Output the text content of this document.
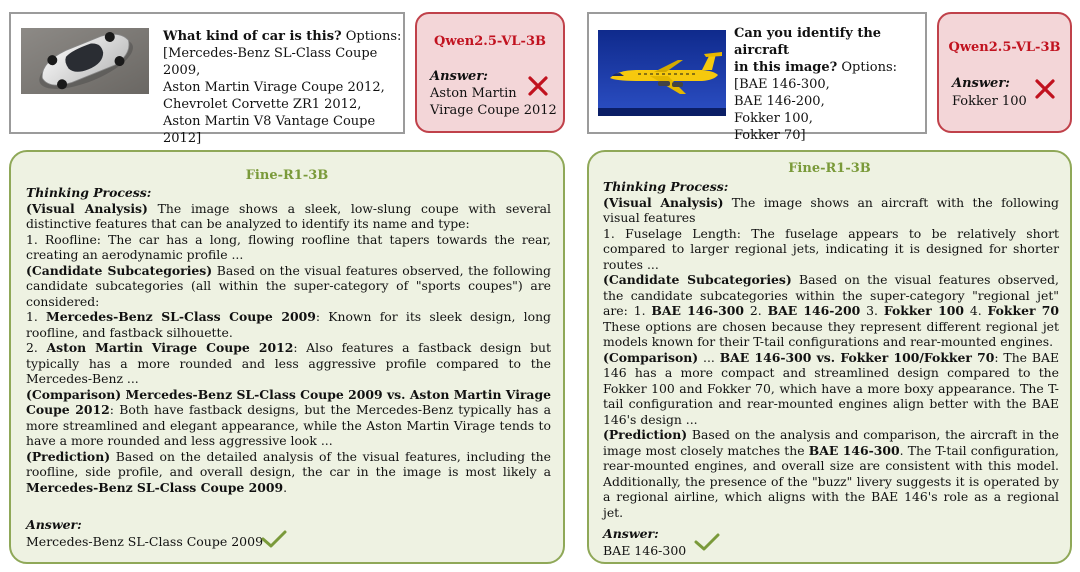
What kind of car is this? Options:
[Mercedes-Benz SL-Class Coupe 2009,
Aston Martin Virage Coupe 2012,
Chevrolet Corvette ZR1 2012,
Aston Martin V8 Vantage Coupe 2012]
Qwen2.5-VL-3B
Answer:
Aston Martin
Virage Coupe 2012
Fine-R1-3B

Thinking Process:

(Visual Analysis) The image shows a sleek, low-slung coupe with several distinctive features that can be analyzed to identify its name and type:

1. Roofline: The car has a long, flowing roofline that tapers towards the rear, creating an aerodynamic profile ...

(Candidate Subcategories) Based on the visual features observed, the following candidate subcategories (all within the super-category of "sports coupes") are considered:

1. Mercedes-Benz SL-Class Coupe 2009: Known for its sleek design, long roofline, and fastback silhouette.

2. Aston Martin Virage Coupe 2012: Also features a fastback design but typically has a more rounded and less aggressive profile compared to the Mercedes-Benz ...

(Comparison) Mercedes-Benz SL-Class Coupe 2009 vs. Aston Martin Virage Coupe 2012: Both have fastback designs, but the Mercedes-Benz typically has a more streamlined and elegant appearance, while the Aston Martin Virage tends to have a more rounded and less aggressive look ...

(Prediction) Based on the detailed analysis of the visual features, including the roofline, side profile, and overall design, the car in the image is most likely a Mercedes-Benz SL-Class Coupe 2009.

Answer:
Mercedes-Benz SL-Class Coupe 2009
Can you identify the aircraft
in this image? Options:
[BAE 146-300,
BAE 146-200,
Fokker 100,
Fokker 70]
Qwen2.5-VL-3B
Answer:
Fokker 100
Fine-R1-3B

Thinking Process:

(Visual Analysis) The image shows an aircraft with the following visual features

1. Fuselage Length: The fuselage appears to be relatively short compared to larger regional jets, indicating it is designed for shorter routes ...

(Candidate Subcategories) Based on the visual features observed, the candidate subcategories within the super-category "regional jet" are: 1. BAE 146-300 2. BAE 146-200 3. Fokker 100 4. Fokker 70 These options are chosen because they represent different regional jet models known for their T-tail configurations and rear-mounted engines.

(Comparison) ... BAE 146-300 vs. Fokker 100/Fokker 70: The BAE 146 has a more compact and streamlined design compared to the Fokker 100 and Fokker 70, which have a more boxy appearance. The T-tail configuration and rear-mounted engines align better with the BAE 146's design ...

(Prediction) Based on the analysis and comparison, the aircraft in the image most closely matches the BAE 146-300. The T-tail configuration, rear-mounted engines, and overall size are consistent with this model. Additionally, the presence of the "buzz" livery suggests it is operated by a regional airline, which aligns with the BAE 146's role as a regional jet.

Answer:
BAE 146-300
